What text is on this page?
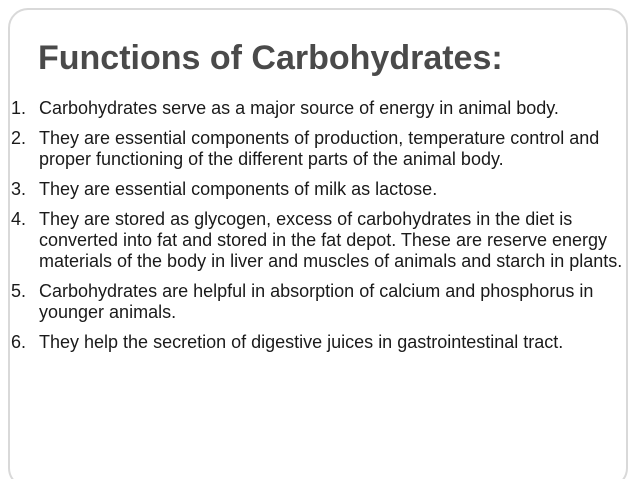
Functions of Carbohydrates:
1. Carbohydrates serve as a major source of energy in animal body.
2. They are essential components of production, temperature control and proper functioning of the different parts of the animal body.
3. They are essential components of milk as lactose.
4. They are stored as glycogen, excess of carbohydrates in the diet is converted into fat and stored in the fat depot. These are reserve energy materials of the body in liver and muscles of animals and starch in plants.
5. Carbohydrates are helpful in absorption of calcium and phosphorus in younger animals.
6. They help the secretion of digestive juices in gastrointestinal tract.
